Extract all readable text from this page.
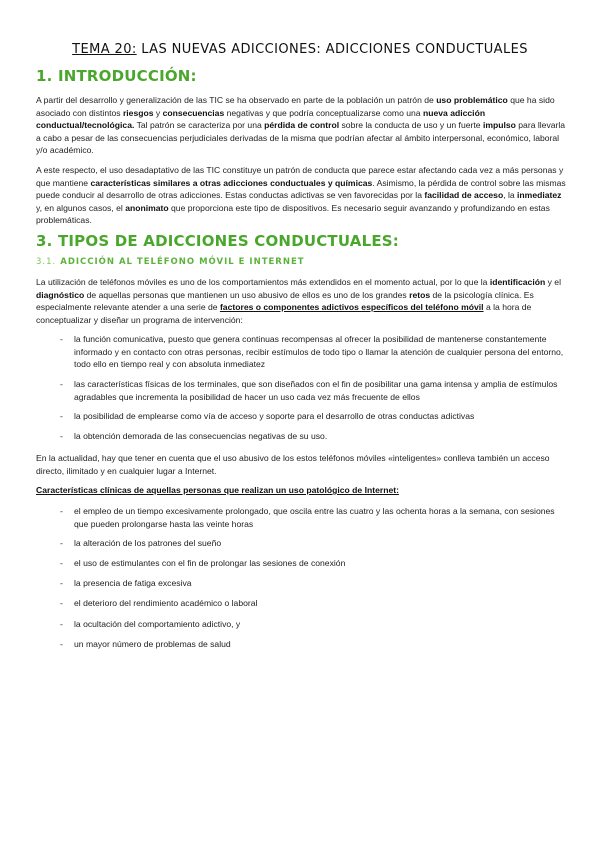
TEMA 20: LAS NUEVAS ADICCIONES: ADICCIONES CONDUCTUALES
1. INTRODUCCIÓN:
A partir del desarrollo y generalización de las TIC se ha observado en parte de la población un patrón de uso problemático que ha sido asociado con distintos riesgos y consecuencias negativas y que podría conceptualizarse como una nueva adicción conductual/tecnológica. Tal patrón se caracteriza por una pérdida de control sobre la conducta de uso y un fuerte impulso para llevarla a cabo a pesar de las consecuencias perjudiciales derivadas de la misma que podrían afectar al ámbito interpersonal, económico, laboral y/o académico.
A este respecto, el uso desadaptativo de las TIC constituye un patrón de conducta que parece estar afectando cada vez a más personas y que mantiene características similares a otras adicciones conductuales y químicas. Asimismo, la pérdida de control sobre las mismas puede conducir al desarrollo de otras adicciones. Estas conductas adictivas se ven favorecidas por la facilidad de acceso, la inmediatez y, en algunos casos, el anonimato que proporciona este tipo de dispositivos. Es necesario seguir avanzando y profundizando en estas problemáticas.
3. TIPOS DE ADICCIONES CONDUCTUALES:
3.1. ADICCIÓN AL TELÉFONO MÓVIL E INTERNET
La utilización de teléfonos móviles es uno de los comportamientos más extendidos en el momento actual, por lo que la identificación y el diagnóstico de aquellas personas que mantienen un uso abusivo de ellos es uno de los grandes retos de la psicología clínica. Es especialmente relevante atender a una serie de factores o componentes adictivos específicos del teléfono móvil a la hora de conceptualizar y diseñar un programa de intervención:
- la función comunicativa, puesto que genera continuas recompensas al ofrecer la posibilidad de mantenerse constantemente informado y en contacto con otras personas, recibir estímulos de todo tipo o llamar la atención de cualquier persona del entorno, todo ello en tiempo real y con absoluta inmediatez
- las características físicas de los terminales, que son diseñados con el fin de posibilitar una gama intensa y amplia de estímulos agradables que incrementa la posibilidad de hacer un uso cada vez más frecuente de ellos
- la posibilidad de emplearse como vía de acceso y soporte para el desarrollo de otras conductas adictivas
- la obtención demorada de las consecuencias negativas de su uso.
En la actualidad, hay que tener en cuenta que el uso abusivo de los estos teléfonos móviles «inteligentes» conlleva también un acceso directo, ilimitado y en cualquier lugar a Internet.
Características clínicas de aquellas personas que realizan un uso patológico de Internet:
- el empleo de un tiempo excesivamente prolongado, que oscila entre las cuatro y las ochenta horas a la semana, con sesiones que pueden prolongarse hasta las veinte horas
- la alteración de los patrones del sueño
- el uso de estimulantes con el fin de prolongar las sesiones de conexión
- la presencia de fatiga excesiva
- el deterioro del rendimiento académico o laboral
- la ocultación del comportamiento adictivo, y
- un mayor número de problemas de salud
